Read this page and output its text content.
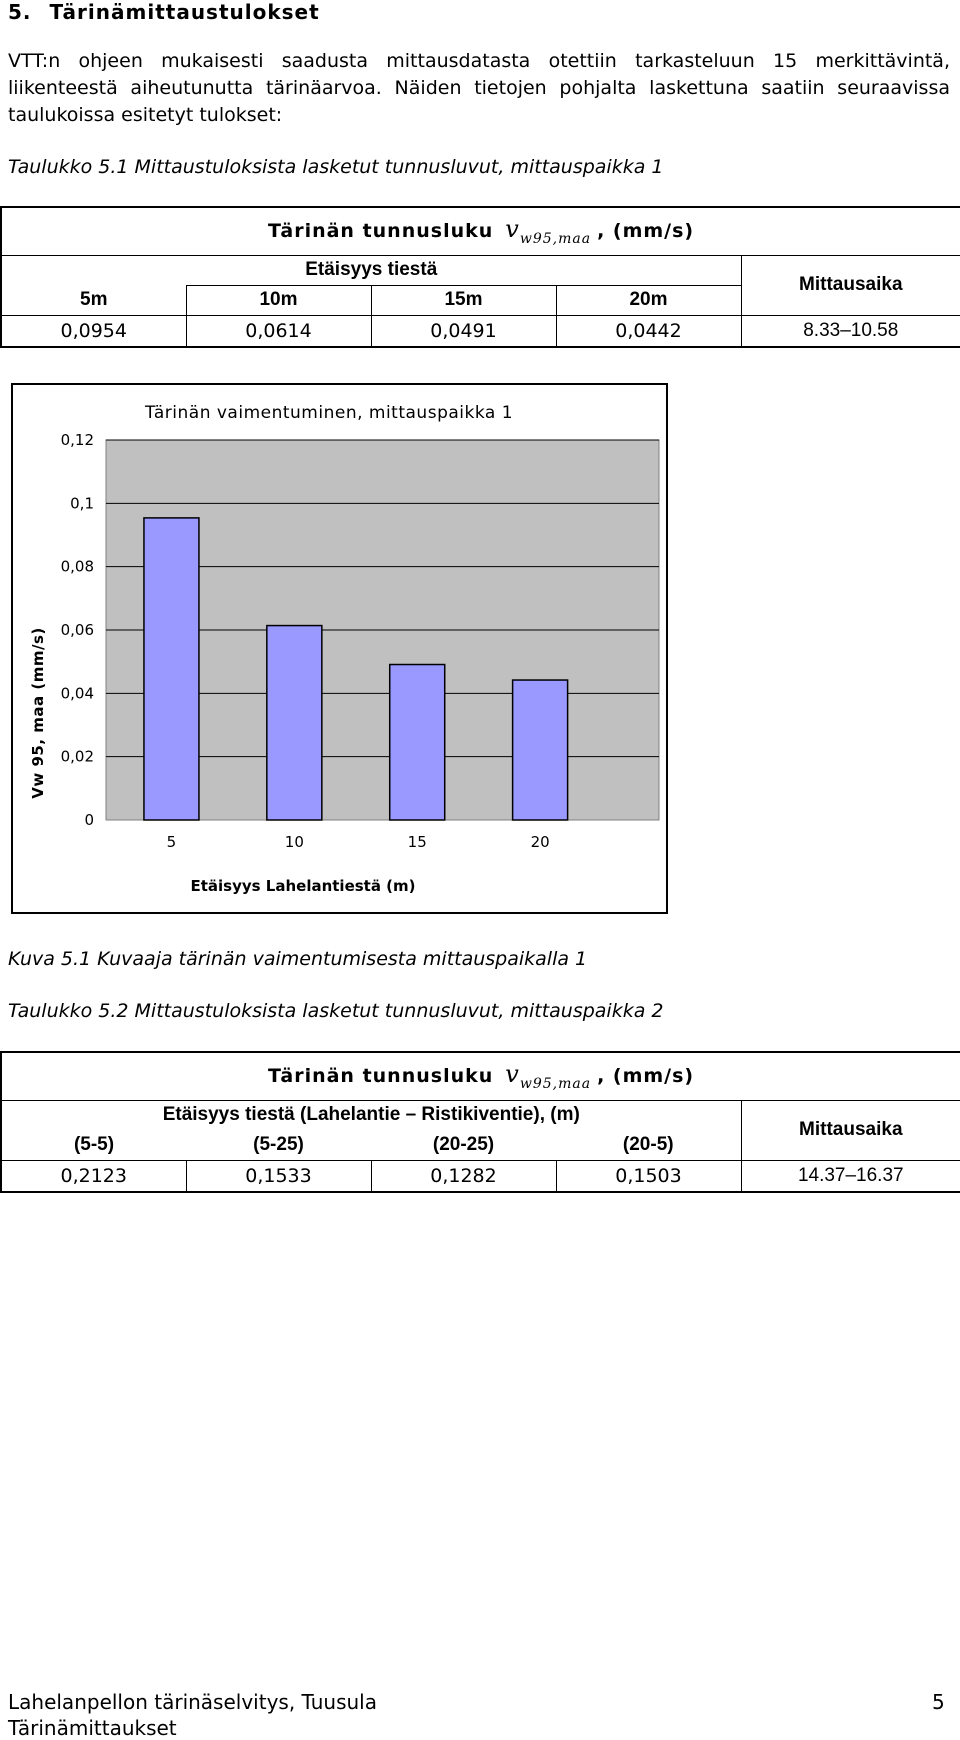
5. Tärinämittaustulokset
VTT:n ohjeen mukaisesti saadusta mittausdatasta otettiin tarkasteluun 15 merkittävintä, liikenteestä aiheutunutta tärinäarvoa. Näiden tietojen pohjalta laskettuna saatiin seuraavissa taulukoissa esitetyt tulokset:
Taulukko 5.1 Mittaustuloksista lasketut tunnusluvut, mittauspaikka 1
Tärinän tunnusluku $v_{w95,maa}$ , (mm/s)				
Etäisyys tiestä				Mittausaika
5m	10m	15m	20m	
0,0954	0,0614	0,0491	0,0442	8.33–10.58
0
0,02
0,04
0,06
0,08
0,1
0,12
5	10	15	20
Tärinän vaimentuminen, mittauspaikka 1
Etäisyys Lahelantiestä (m)
Vw 95, maa (mm/s)
Kuva 5.1 Kuvaaja tärinän vaimentumisesta mittauspaikalla 1
Taulukko 5.2 Mittaustuloksista lasketut tunnusluvut, mittauspaikka 2
Tärinän tunnusluku $v_{w95,maa}$ , (mm/s)				
Etäisyys tiestä (Lahelantie – Ristikiventie), (m)				Mittausaika
(5-5)	(5-25)	(20-25)	(20-5)	
0,2123	0,1533	0,1282	0,1503	14.37–16.37
Lahelanpellon tärinäselvitys, Tuusula
Tärinämittaukset
5
